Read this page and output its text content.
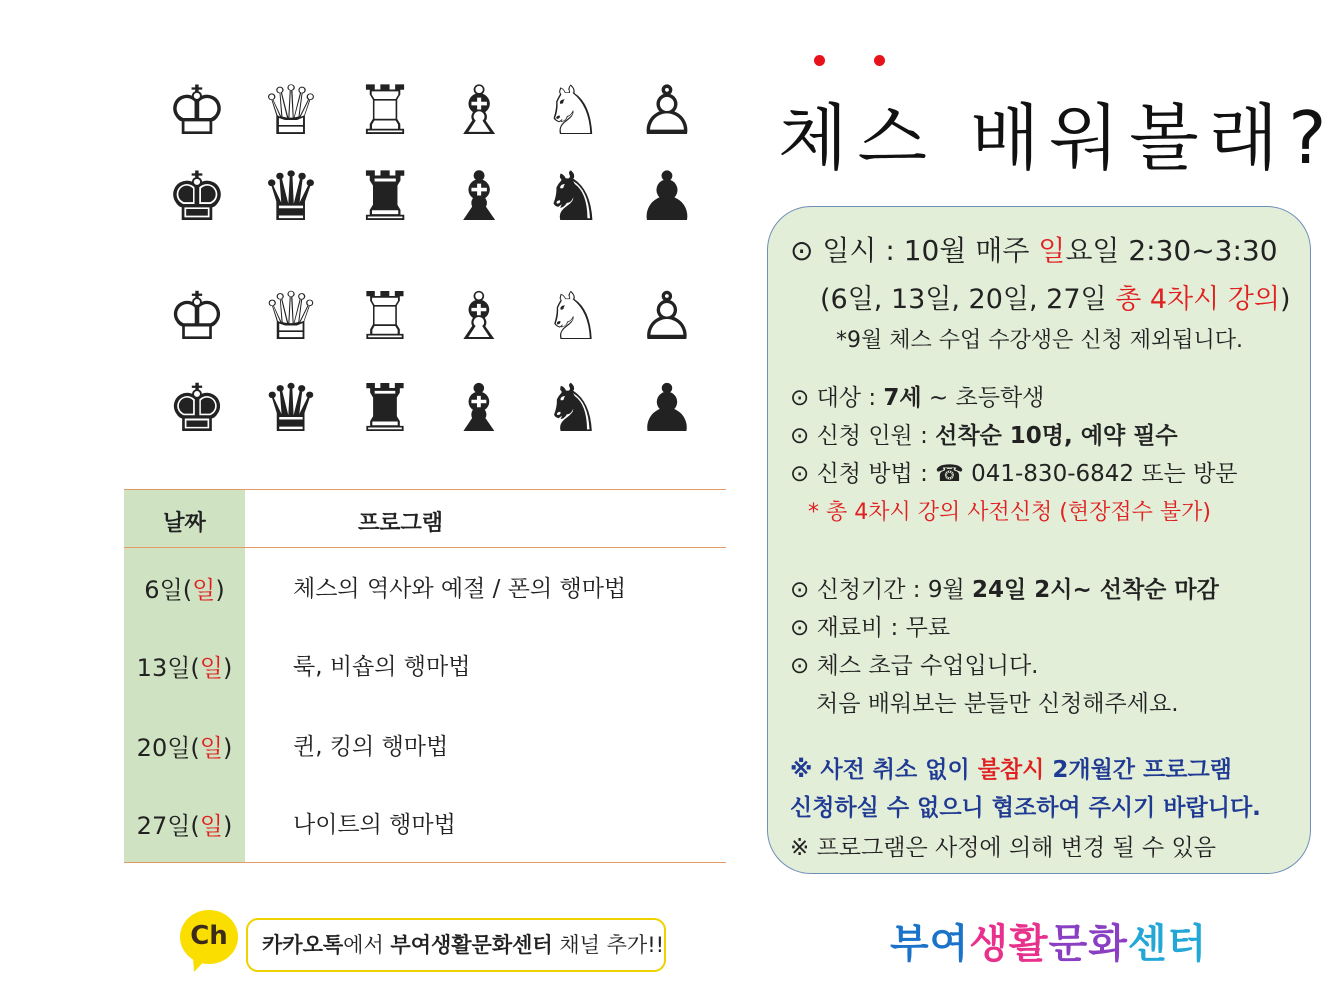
♔ ♕ ♖ ♗ ♘ ♙
♚ ♛ ♜ ♝ ♞ ♟
♔ ♕ ♖ ♗ ♘ ♙
♚ ♛ ♜ ♝ ♞ ♟
날짜	프로그램
6일(일)	체스의 역사와 예절 / 폰의 행마법
13일(일)	룩, 비숍의 행마법
20일(일)	퀸, 킹의 행마법
27일(일)	나이트의 행마법
체스 배워볼래?
⊙ 일시 : 10월 매주 일요일 2:30~3:30
(6일, 13일, 20일, 27일 총 4차시 강의)
*9월 체스 수업 수강생은 신청 제외됩니다.
⊙ 대상 : 7세 ~ 초등학생
⊙ 신청 인원 : 선착순 10명, 예약 필수
⊙ 신청 방법 : ☎ 041-830-6842 또는 방문
* 총 4차시 강의 사전신청 (현장접수 불가)
⊙ 신청기간 : 9월 24일 2시~ 선착순 마감
⊙ 재료비 : 무료
⊙ 체스 초급 수업입니다.
처음 배워보는 분들만 신청해주세요.
※ 사전 취소 없이 불참시 2개월간 프로그램
신청하실 수 없으니 협조하여 주시기 바랍니다.
※ 프로그램은 사정에 의해 변경 될 수 있음
Ch	카카오톡에서 부여생활문화센터 채널 추가!!	부여생활문화센터
